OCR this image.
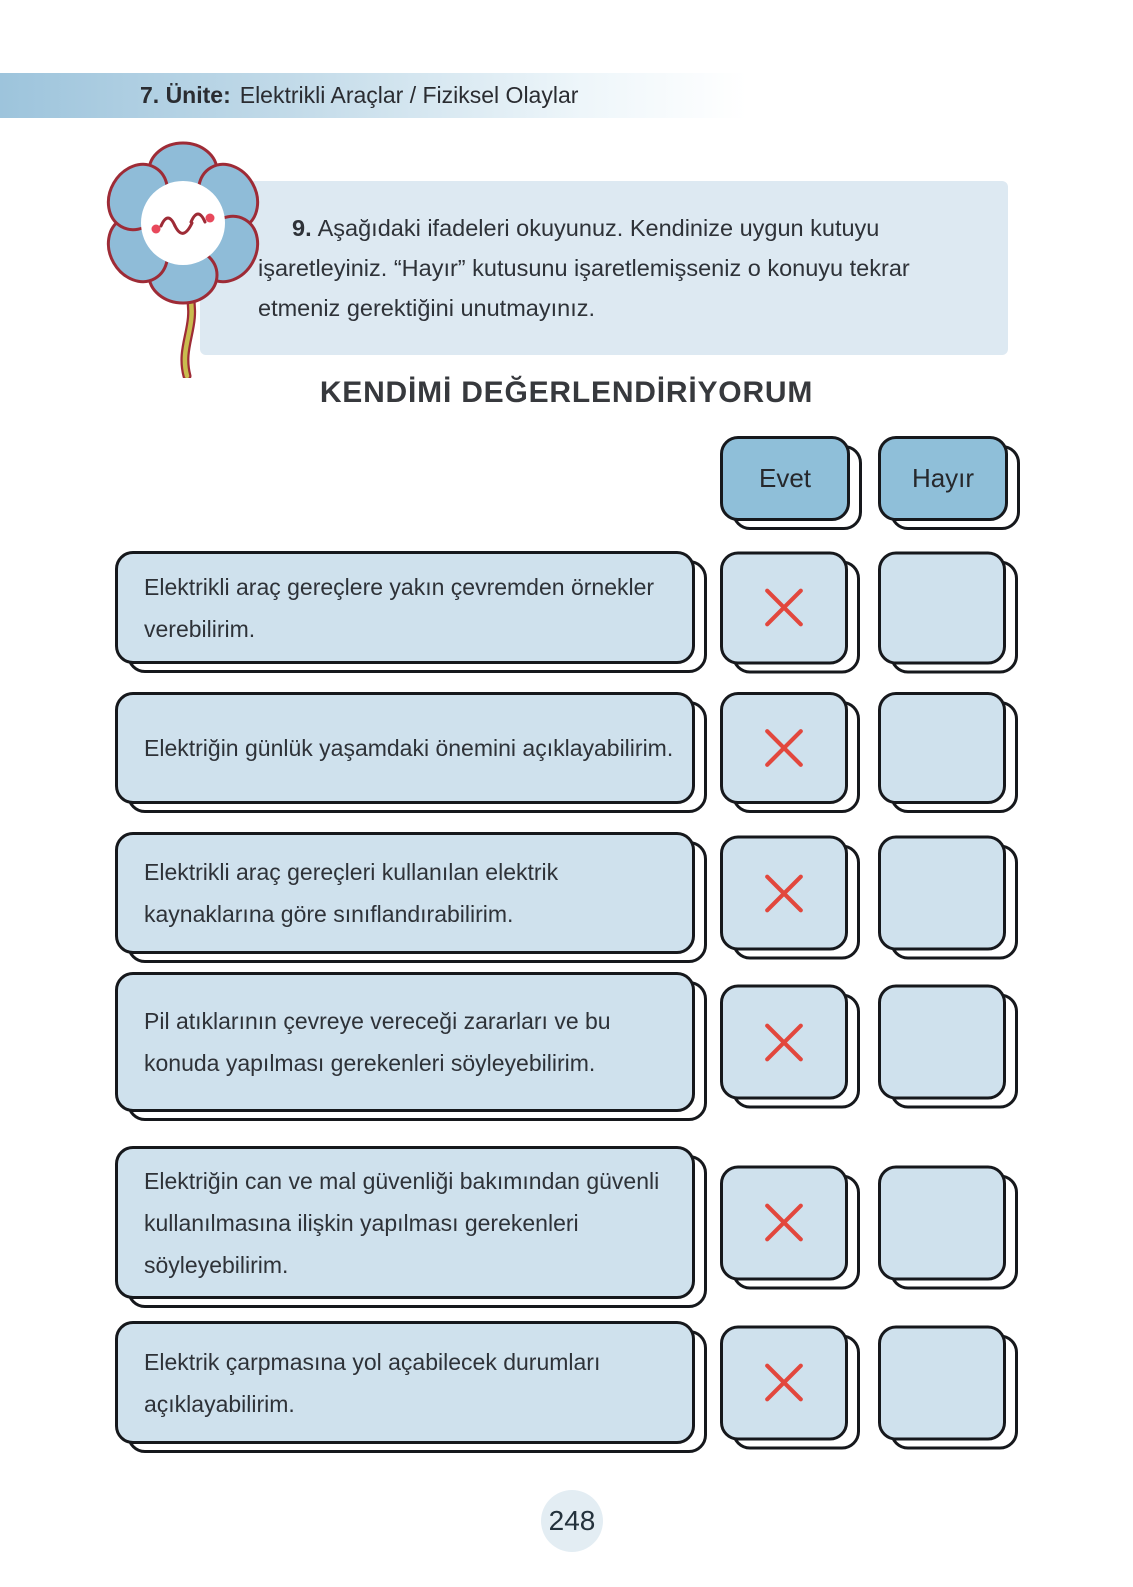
7. Ünite: Elektrikli Araçlar / Fiziksel Olaylar

9. Aşağıdaki ifadeleri okuyunuz. Kendinize uygun kutuyu işaretleyiniz. “Hayır” kutusunu işaretlemişseniz o konuyu tekrar etmeniz gerektiğini unutmayınız.

KENDİMİ DEĞERLENDİRİYORUM
Evet	Hayır

Elektrikli araç gereçlere yakın çevremden örnekler verebilirim.

Elektriğin günlük yaşamdaki önemini açıklayabilirim.

Elektrikli araç gereçleri kullanılan elektrik kaynaklarına göre sınıflandırabilirim.

Pil atıklarının çevreye vereceği zararları ve bu konuda yapılması gerekenleri söyleyebilirim.

Elektriğin can ve mal güvenliği bakımından güvenli kullanılmasına ilişkin yapılması gerekenleri söyleyebilirim.

Elektrik çarpmasına yol açabilecek durumları açıklayabilirim.

248
